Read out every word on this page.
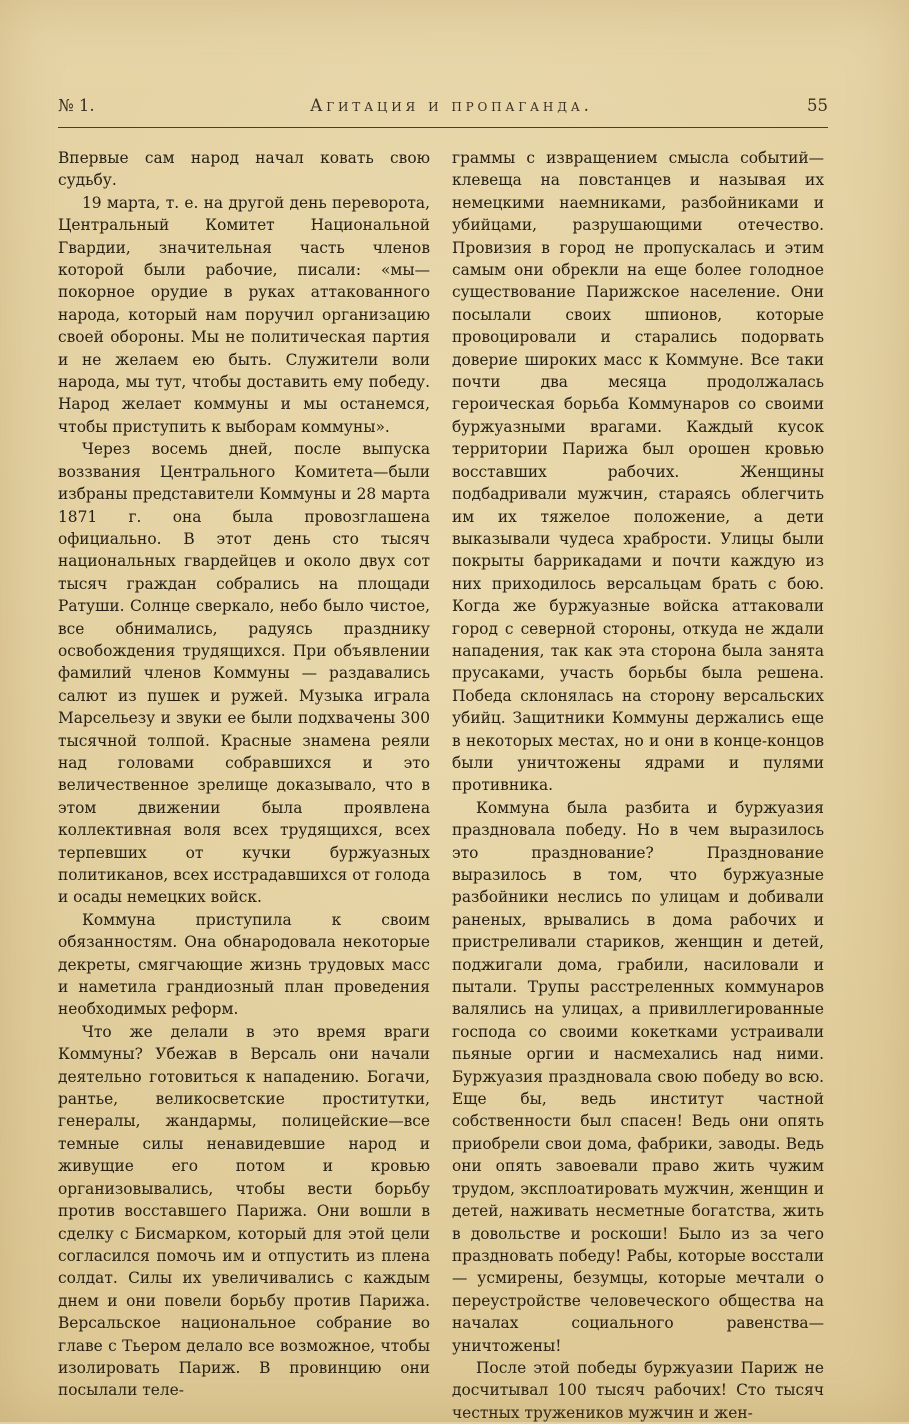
№ 1.	Агитация и пропаганда.	55

Впервые сам народ начал ковать свою судьбу.

19 марта, т. е. на другой день переворота, Центральный Комитет Национальной Гвардии, значительная часть членов которой были рабочие, писали: «мы—покорное орудие в руках аттакованного народа, который нам поручил организацию своей обороны. Мы не политическая партия и не желаем ею быть. Служители воли народа, мы тут, чтобы доставить ему победу. Народ желает коммуны и мы останемся, чтобы приступить к выборам коммуны».

Через восемь дней, после выпуска воззвания Центрального Комитета—были избраны представители Коммуны и 28 марта 1871 г. она была провозглашена официально. В этот день сто тысяч национальных гвардейцев и около двух сот тысяч граждан собрались на площади Ратуши. Солнце сверкало, небо было чистое, все обнимались, радуясь празднику освобождения трудящихся. При объявлении фамилий членов Коммуны — раздавались салют из пушек и ружей. Музыка играла Марсельезу и звуки ее были подхвачены 300 тысячной толпой. Красные знамена реяли над головами собравшихся и это величественное зрелище доказывало, что в этом движении была проявлена коллективная воля всех трудящихся, всех терпевших от кучки буржуазных политиканов, всех исстрадавшихся от голода и осады немецких войск.

Коммуна приступила к своим обязанностям. Она обнародовала некоторые декреты, смягчающие жизнь трудовых масс и наметила грандиозный план проведения необходимых реформ.

Что же делали в это время враги Коммуны? Убежав в Версаль они начали деятельно готовиться к нападению. Богачи, рантье, великосветские проститутки, генералы, жандармы, полицейские—все темные силы ненавидевшие народ и живущие его потом и кровью организовывались, чтобы вести борьбу против восставшего Парижа. Они вошли в сделку с Бисмарком, который для этой цели согласился помочь им и отпустить из плена солдат. Силы их увеличивались с каждым днем и они повели борьбу против Парижа. Версальское национальное собрание во главе с Тьером делало все возможное, чтобы изолировать Париж. В провинцию они посылали теле-

граммы с извращением смысла событий—клевеща на повстанцев и называя их немецкими наемниками, разбойниками и убийцами, разрушающими отечество. Провизия в город не пропускалась и этим самым они обрекли на еще более голодное существование Парижское население. Они посылали своих шпионов, которые провоцировали и старались подорвать доверие широких масс к Коммуне. Все таки почти два месяца продолжалась героическая борьба Коммунаров со своими буржуазными врагами. Каждый кусок территории Парижа был орошен кровью восставших рабочих. Женщины подбадривали мужчин, стараясь облегчить им их тяжелое положение, а дети выказывали чудеса храбрости. Улицы были покрыты баррикадами и почти каждую из них приходилось версальцам брать с бою. Когда же буржуазные войска аттаковали город с северной стороны, откуда не ждали нападения, так как эта сторона была занята прусаками, участь борьбы была решена. Победа склонялась на сторону версальских убийц. Защитники Коммуны держались еще в некоторых местах, но и они в конце-концов были уничтожены ядрами и пулями противника.

Коммуна была разбита и буржуазия праздновала победу. Но в чем выразилось это празднование? Празднование выразилось в том, что буржуазные разбойники неслись по улицам и добивали раненых, врывались в дома рабочих и пристреливали стариков, женщин и детей, поджигали дома, грабили, насиловали и пытали. Трупы расстреленных коммунаров валялись на улицах, а привиллегированные господа со своими кокетками устраивали пьяные оргии и насмехались над ними. Буржуазия праздновала свою победу во всю. Еще бы, ведь институт частной собственности был спасен! Ведь они опять приобрели свои дома, фабрики, заводы. Ведь они опять завоевали право жить чужим трудом, эксплоатировать мужчин, женщин и детей, наживать несметные богатства, жить в довольстве и роскоши! Было из за чего праздновать победу! Рабы, которые восстали — усмирены, безумцы, которые мечтали о переустройстве человеческого общества на началах социального равенства—уничтожены!

После этой победы буржуазии Париж не досчитывал 100 тысяч рабочих! Сто тысяч честных тружеников мужчин и жен-
